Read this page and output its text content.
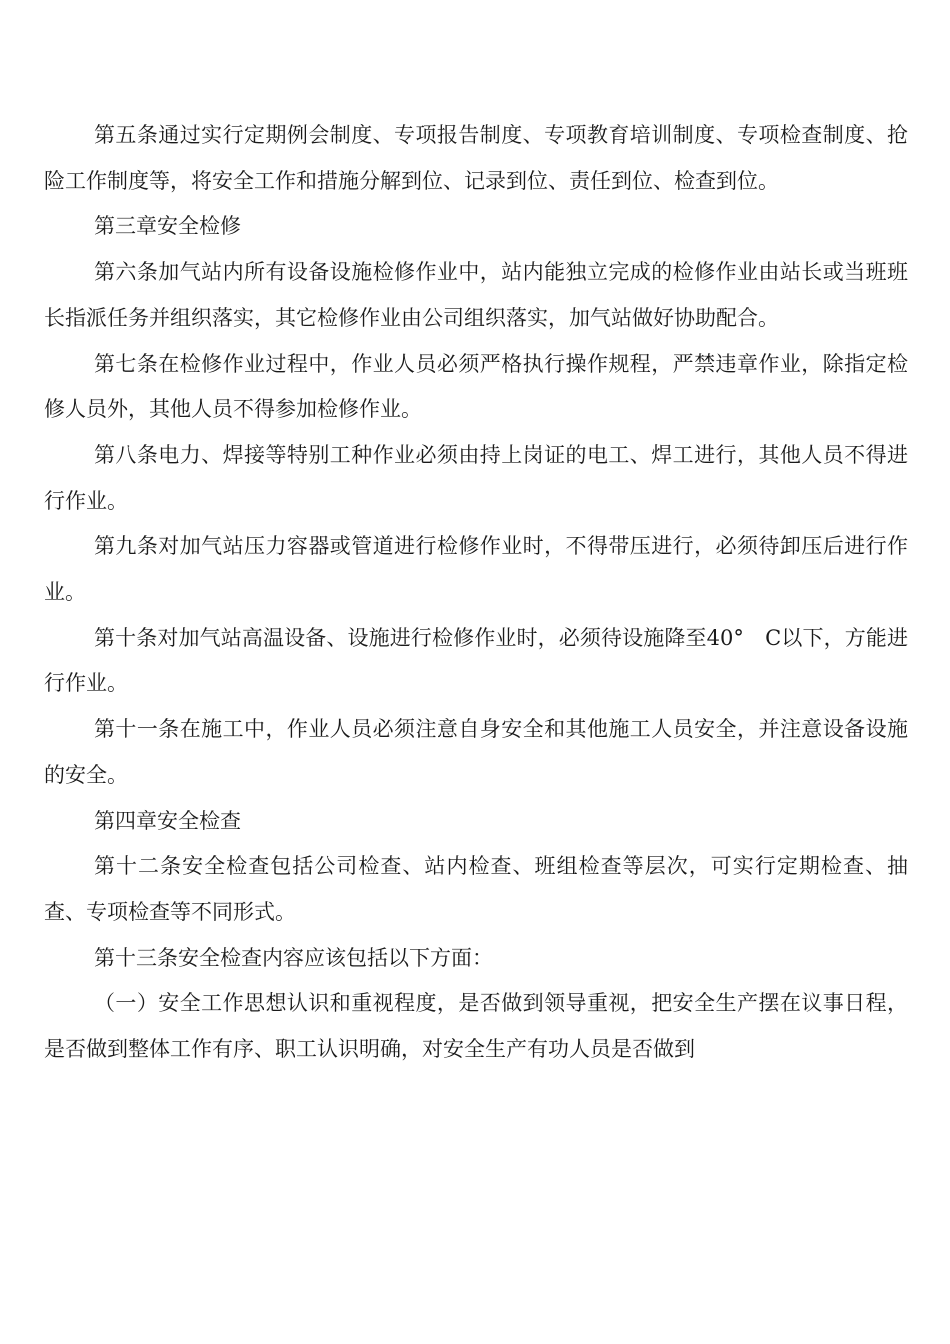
第五条通过实行定期例会制度、专项报告制度、专项教育培训制度、专项检查制度、抢险工作制度等，将安全工作和措施分解到位、记录到位、责任到位、检查到位。

第三章安全检修

第六条加气站内所有设备设施检修作业中，站内能独立完成的检修作业由站长或当班班长指派任务并组织落实，其它检修作业由公司组织落实，加气站做好协助配合。

第七条在检修作业过程中，作业人员必须严格执行操作规程，严禁违章作业，除指定检修人员外，其他人员不得参加检修作业。

第八条电力、焊接等特别工种作业必须由持上岗证的电工、焊工进行，其他人员不得进行作业。

第九条对加气站压力容器或管道进行检修作业时，不得带压进行，必须待卸压后进行作业。

第十条对加气站高温设备、设施进行检修作业时，必须待设施降至40°　C以下，方能进行作业。

第十一条在施工中，作业人员必须注意自身安全和其他施工人员安全，并注意设备设施的安全。

第四章安全检查

第十二条安全检查包括公司检查、站内检查、班组检查等层次，可实行定期检查、抽查、专项检查等不同形式。

第十三条安全检查内容应该包括以下方面：

（一）安全工作思想认识和重视程度，是否做到领导重视，把安全生产摆在议事日程，是否做到整体工作有序、职工认识明确，对安全生产有功人员是否做到
